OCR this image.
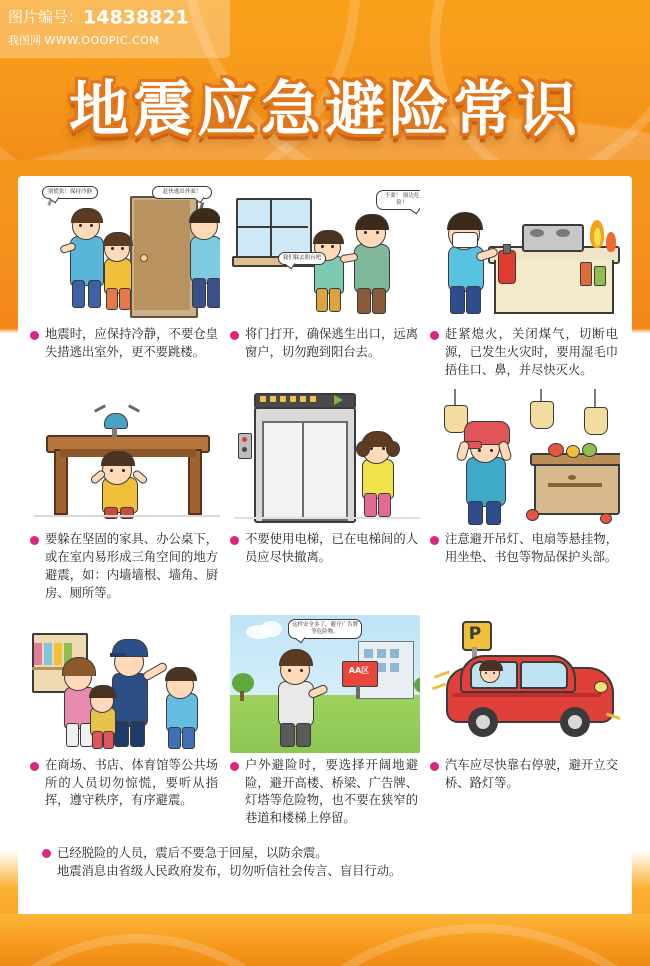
图片编号：14838821
我图网 WWW.OOOPIC.COM
地震应急避险常识
别慌张！保持冷静	赶快逃出外面！
地震时，应保持冷静，不要仓皇失措逃出室外，更不要跳楼。
我们躲去阳台吧
不要！ 窗边危险！
将门打开，确保逃生出口，远离窗户，切勿跑到阳台去。
赶紧熄火，关闭煤气，切断电源，已发生火灾时，要用湿毛巾捂住口、鼻，并尽快灭火。
要躲在坚固的家具、办公桌下，或在室内易形成三角空间的地方避震，如：内墙墙根、墙角、厨房、厕所等。
不要使用电梯，已在电梯间的人员应尽快撤离。
注意避开吊灯、电扇等悬挂物，用坐垫、书包等物品保护头部。
在商场、书店、体育馆等公共场所的人员切勿惊慌，要听从指挥，遵守秩序，有序避震。
AA区
这样安全多了，避开广告牌等危险物。
户外避险时，要选择开阔地避险，避开高楼、桥梁、广告牌、灯塔等危险物，也不要在狭窄的巷道和楼梯上停留。
P
汽车应尽快靠右停驶，避开立交桥、路灯等。
已经脱险的人员，震后不要急于回屋，以防余震。
地震消息由省级人民政府发布，切勿听信社会传言、盲目行动。
